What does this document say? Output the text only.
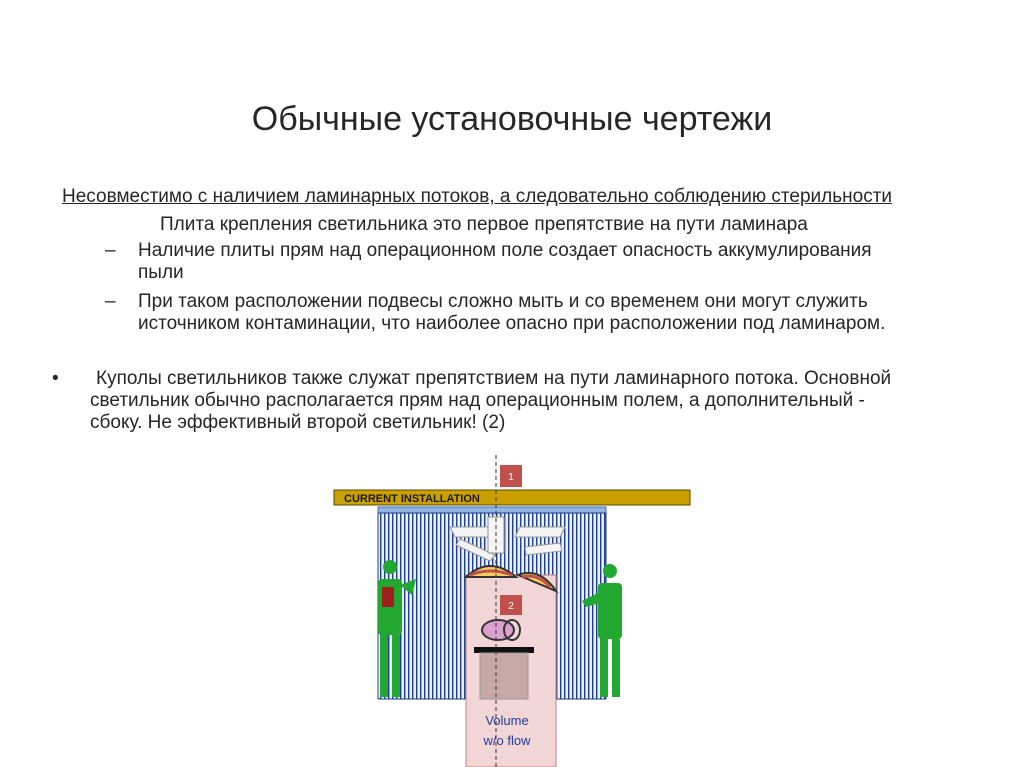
Обычные установочные чертежи
Несовместимо с наличием ламинарных потоков, а следовательно соблюдению стерильности
Плита крепления светильника это первое препятствие на пути ламинара
– Наличие плиты прям над операционном поле создает опасность аккумулирования
пыли
– При таком расположении подвесы сложно мыть и со временем они могут служить
источником контаминации, что наиболее опасно при расположении под ламинаром.
• Куполы светильников также служат препятствием на пути ламинарного потока. Основной
светильник обычно располагается прям над операционным полем, а дополнительный -
сбоку. Не эффективный второй светильник! (2)
1
CURRENT INSTALLATION
Volume
w/o flow
2
